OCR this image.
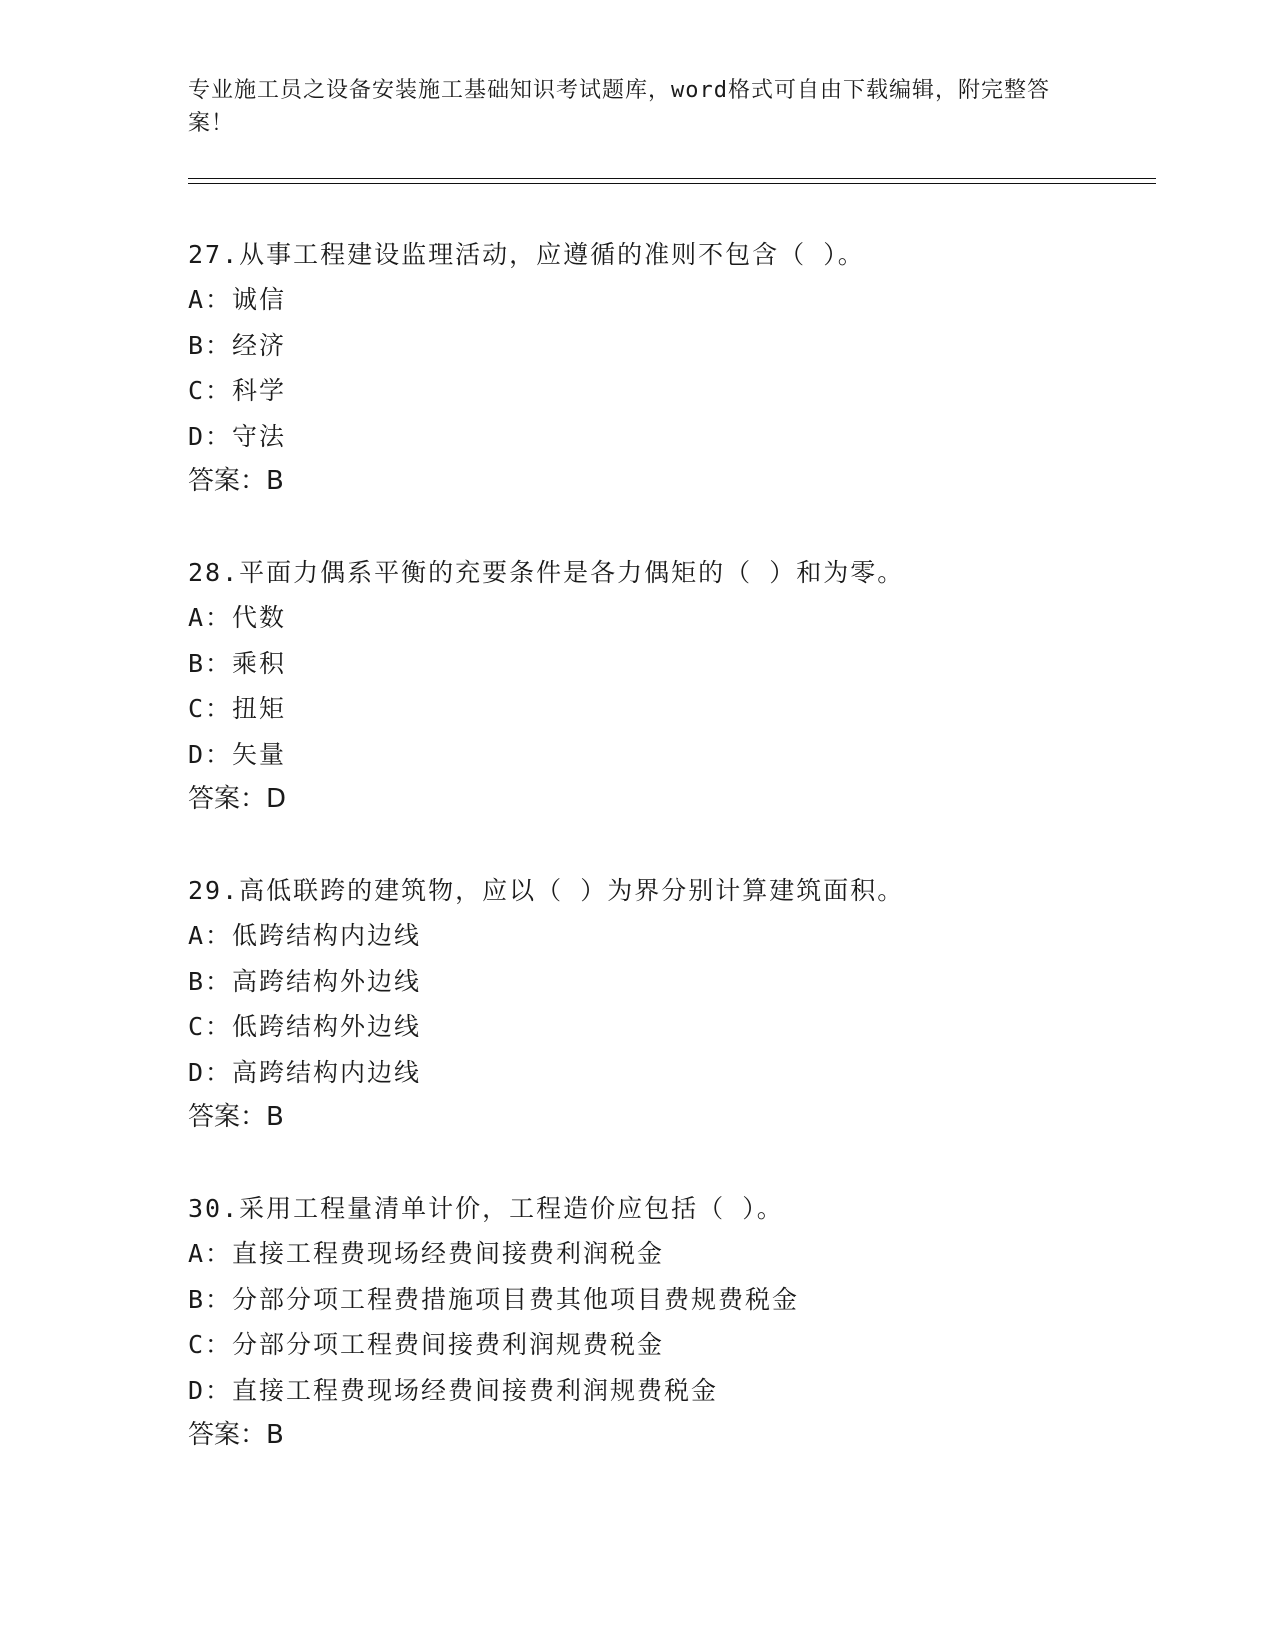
专业施工员之设备安装施工基础知识考试题库，word格式可自由下载编辑，附完整答案！
27.从事工程建设监理活动，应遵循的准则不包含（ ）。
A：诚信
B：经济
C：科学
D：守法
答案：B
28.平面力偶系平衡的充要条件是各力偶矩的（ ）和为零。
A：代数
B：乘积
C：扭矩
D：矢量
答案：D
29.高低联跨的建筑物，应以（ ）为界分别计算建筑面积。
A：低跨结构内边线
B：高跨结构外边线
C：低跨结构外边线
D：高跨结构内边线
答案：B
30.采用工程量清单计价，工程造价应包括（ ）。
A：直接工程费现场经费间接费利润税金
B：分部分项工程费措施项目费其他项目费规费税金
C：分部分项工程费间接费利润规费税金
D：直接工程费现场经费间接费利润规费税金
答案：B
